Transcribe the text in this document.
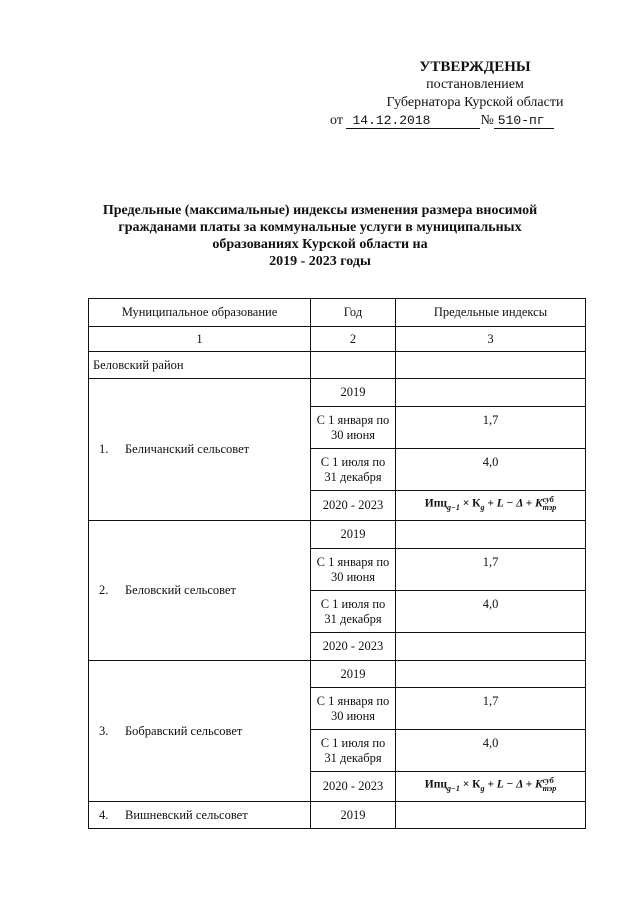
УТВЕРЖДЕНЫ
постановлением
Губернатора Курской области
от 14.12.2018	№ 510-пг
Предельные (максимальные) индексы изменения размера вносимой
гражданами платы за коммунальные услуги в муниципальных
образованиях Курской области на
2019 - 2023 годы
Муниципальное образование	Год	Предельные индексы
1	2	3
Беловский район		
1. Беличанский сельсовет	2019	
	С 1 января по
30 июня	1,7
	С 1 июля по
31 декабря	4,0
	2020 - 2023	$Ипц_{g-1} \times К_g + L - \Delta + K$ суб
тэр

2. Беловский сельсовет	2019	
	С 1 января по
30 июня	1,7
	С 1 июля по
31 декабря	4,0
	2020 - 2023	
3. Бобравский сельсовет	2019	
	С 1 января по
30 июня	1,7
	С 1 июля по
31 декабря	4,0
	2020 - 2023	$Ипц_{g-1} \times К_g + L - \Delta + K$ суб
тэр

4. Вишневский сельсовет	2019	
